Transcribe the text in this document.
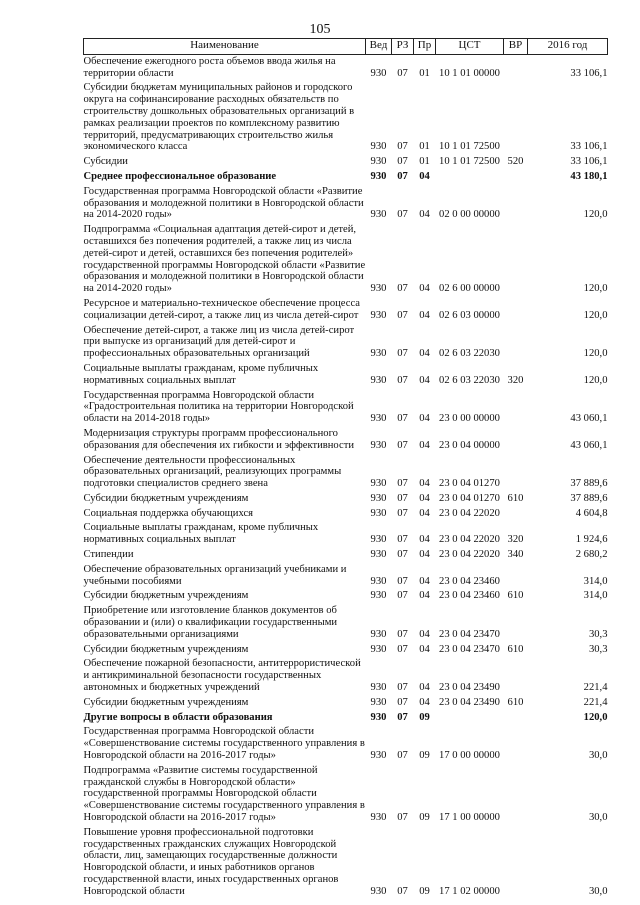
105
Наименование	Вед	РЗ	Пр	ЦСТ	ВР	2016 год
Обеспечение ежегодного роста объемов ввода жилья на территории области	930	07	01	10 1 01 00000		33 106,1
Субсидии бюджетам муниципальных районов и городского округа на софинансирование расходных обязательств по строительству дошкольных образовательных организаций в рамках реализации проектов по комплексному развитию территорий, предусматривающих строительство жилья экономического класса	930	07	01	10 1 01 72500		33 106,1
Субсидии	930	07	01	10 1 01 72500	520	33 106,1
Среднее профессиональное образование	930	07	04			43 180,1
Государственная программа Новгородской области «Развитие образования и молодежной политики в Новгородской области на 2014-2020 годы»	930	07	04	02 0 00 00000		120,0
Подпрограмма «Социальная адаптация детей-сирот и детей, оставшихся без попечения родителей, а также лиц из числа детей-сирот и детей, оставшихся без попечения родителей» государственной программы Новгородской области «Развитие образования и молодежной политики в Новгородской области на 2014-2020 годы»	930	07	04	02 6 00 00000		120,0
Ресурсное и материально-техническое обеспечение процесса социализации детей-сирот, а также лиц из числа детей-сирот	930	07	04	02 6 03 00000		120,0
Обеспечение детей-сирот, а также лиц из числа детей-сирот при выпуске из организаций для детей-сирот и профессиональных образовательных организаций	930	07	04	02 6 03 22030		120,0
Социальные выплаты гражданам, кроме публичных нормативных социальных выплат	930	07	04	02 6 03 22030	320	120,0
Государственная программа Новгородской области «Градостроительная политика на территории Новгородской области на 2014-2018 годы»	930	07	04	23 0 00 00000		43 060,1
Модернизация структуры программ профессионального образования для обеспечения их гибкости и эффективности	930	07	04	23 0 04 00000		43 060,1
Обеспечение деятельности профессиональных образовательных организаций, реализующих программы подготовки специалистов среднего звена	930	07	04	23 0 04 01270		37 889,6
Субсидии бюджетным учреждениям	930	07	04	23 0 04 01270	610	37 889,6
Социальная поддержка обучающихся	930	07	04	23 0 04 22020		4 604,8
Социальные выплаты гражданам, кроме публичных нормативных социальных выплат	930	07	04	23 0 04 22020	320	1 924,6
Стипендии	930	07	04	23 0 04 22020	340	2 680,2
Обеспечение образовательных организаций учебниками и учебными пособиями	930	07	04	23 0 04 23460		314,0
Субсидии бюджетным учреждениям	930	07	04	23 0 04 23460	610	314,0
Приобретение или изготовление бланков документов об образовании и (или) о квалификации государственными образовательными организациями	930	07	04	23 0 04 23470		30,3
Субсидии бюджетным учреждениям	930	07	04	23 0 04 23470	610	30,3
Обеспечение пожарной безопасности, антитеррористической и антикриминальной безопасности государственных автономных и бюджетных учреждений	930	07	04	23 0 04 23490		221,4
Субсидии бюджетным учреждениям	930	07	04	23 0 04 23490	610	221,4
Другие вопросы в области образования	930	07	09			120,0
Государственная программа Новгородской области «Совершенствование системы государственного управления в Новгородской области на 2016-2017 годы»	930	07	09	17 0 00 00000		30,0
Подпрограмма «Развитие системы государственной гражданской службы в Новгородской области» государственной программы Новгородской области «Совершенствование системы государственного управления в Новгородской области на 2016-2017 годы»	930	07	09	17 1 00 00000		30,0
Повышение уровня профессиональной подготовки государственных гражданских служащих Новгородской области, лиц, замещающих государственные должности Новгородской области, и иных работников органов государственной власти, иных государственных органов Новгородской области	930	07	09	17 1 02 00000		30,0
